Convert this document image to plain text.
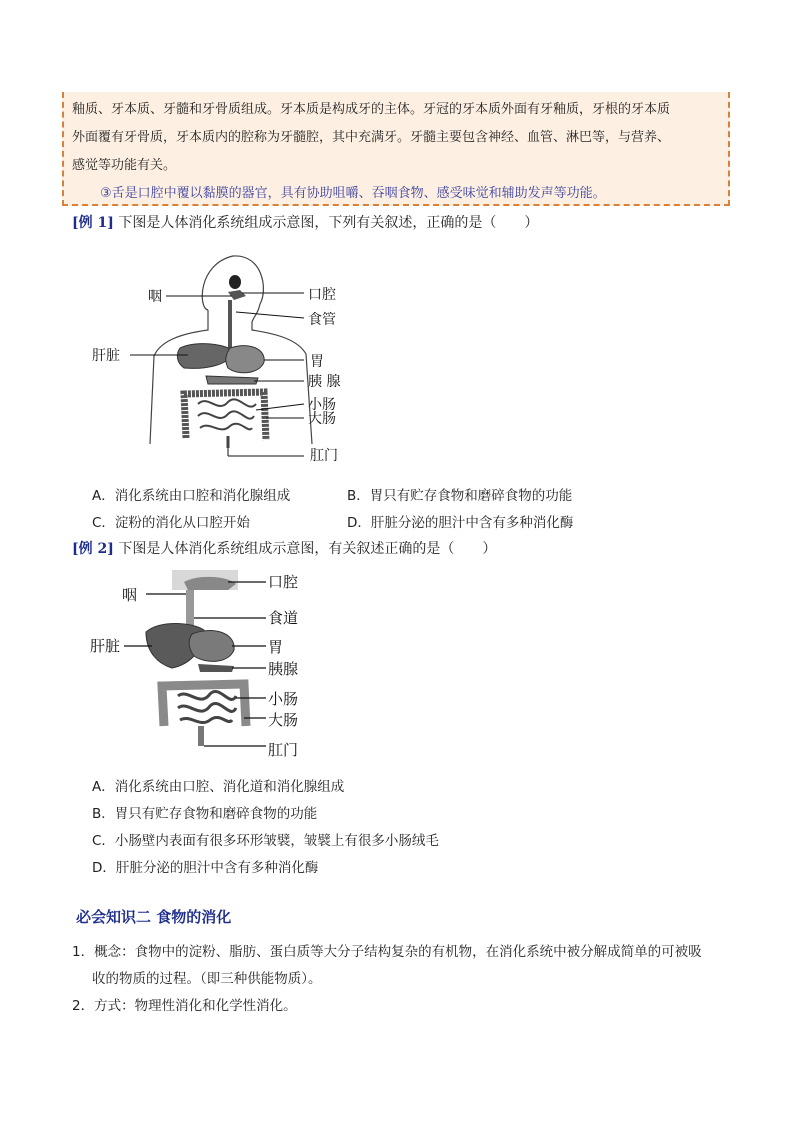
釉质、牙本质、牙髓和牙骨质组成。牙本质是构成牙的主体。牙冠的牙本质外面有牙釉质，牙根的牙本质

外面覆有牙骨质，牙本质内的腔称为牙髓腔，其中充满牙。牙髓主要包含神经、血管、淋巴等，与营养、

感觉等功能有关。

③舌是口腔中覆以黏膜的器官，具有协助咀嚼、吞咽食物、感受味觉和辅助发声等功能。

[例 1] 下图是人体消化系统组成示意图，下列有关叙述，正确的是（　　）
咽	口腔
食管
肝脏	胃
胰 腺
小肠
大肠
肛门
A．消化系统由口腔和消化腺组成	B．胃只有贮存食物和磨碎食物的功能
C．淀粉的消化从口腔开始	D．肝脏分泌的胆汁中含有多种消化酶
[例 2] 下图是人体消化系统组成示意图，有关叙述正确的是（　　）
咽
口腔
食道
肝脏	胃
胰腺
小肠
大肠
肛门
A．消化系统由口腔、消化道和消化腺组成
B．胃只有贮存食物和磨碎食物的功能
C．小肠壁内表面有很多环形皱襞，皱襞上有很多小肠绒毛
D．肝脏分泌的胆汁中含有多种消化酶
必会知识二 食物的消化
1．概念：食物中的淀粉、脂肪、蛋白质等大分子结构复杂的有机物，在消化系统中被分解成简单的可被吸
收的物质的过程。（即三种供能物质）。
2．方式：物理性消化和化学性消化。
